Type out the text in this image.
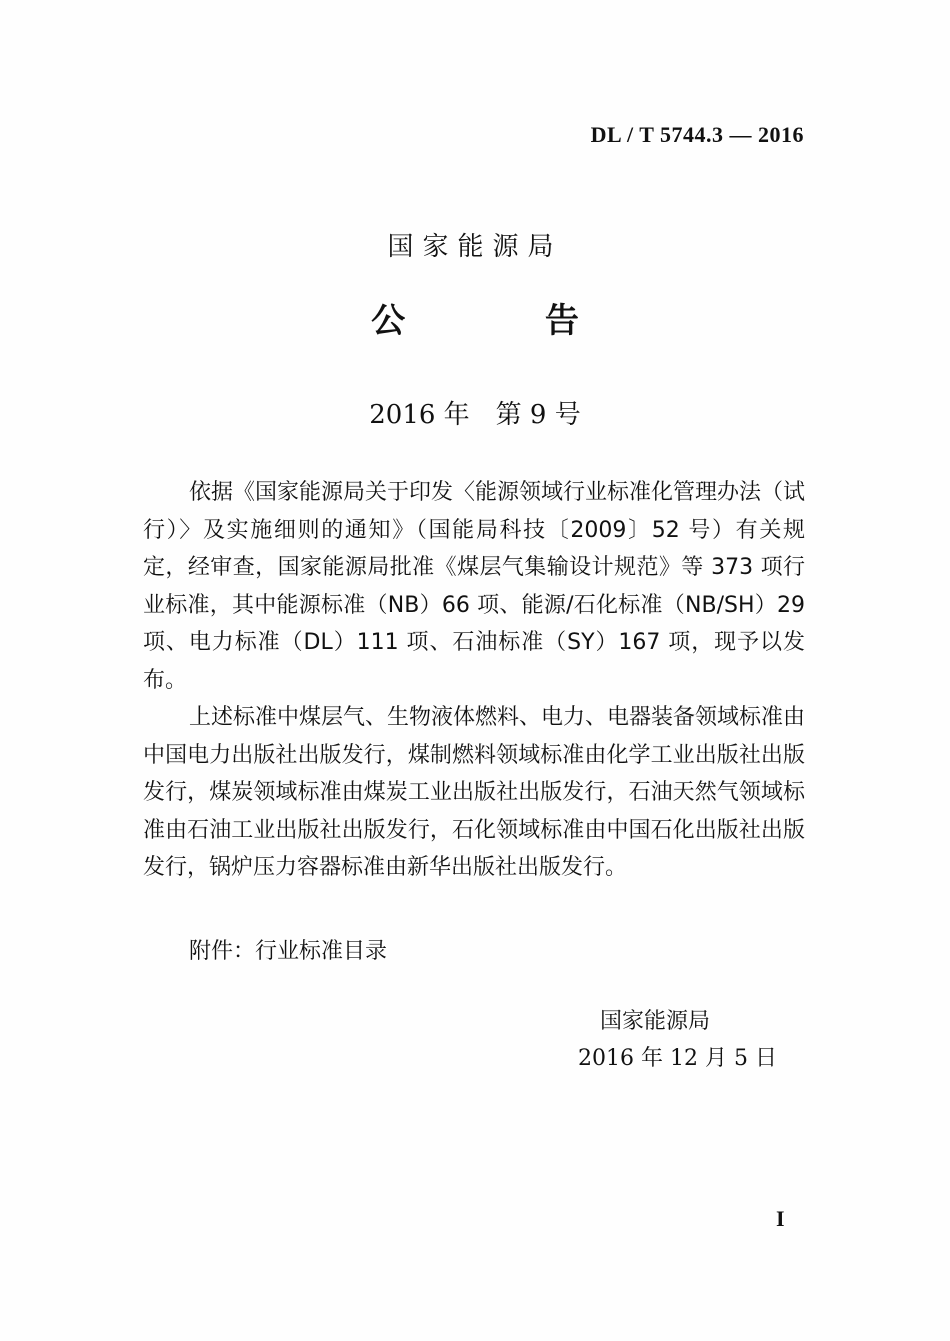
DL / T 5744.3 — 2016
国家能源局
公 告
2016 年　第 9 号

依据《国家能源局关于印发〈能源领域行业标准化管理办法（试行）〉及实施细则的通知》（国能局科技〔2009〕52 号）有关规定，经审查，国家能源局批准《煤层气集输设计规范》等 373 项行业标准，其中能源标准（NB）66 项、能源/石化标准（NB/SH）29 项、电力标准（DL）111 项、石油标准（SY）167 项，现予以发布。

上述标准中煤层气、生物液体燃料、电力、电器装备领域标准由中国电力出版社出版发行，煤制燃料领域标准由化学工业出版社出版发行，煤炭领域标准由煤炭工业出版社出版发行，石油天然气领域标准由石油工业出版社出版发行，石化领域标准由中国石化出版社出版发行，锅炉压力容器标准由新华出版社出版发行。

附件：行业标准目录
国家能源局
2016 年 12 月 5 日
I
